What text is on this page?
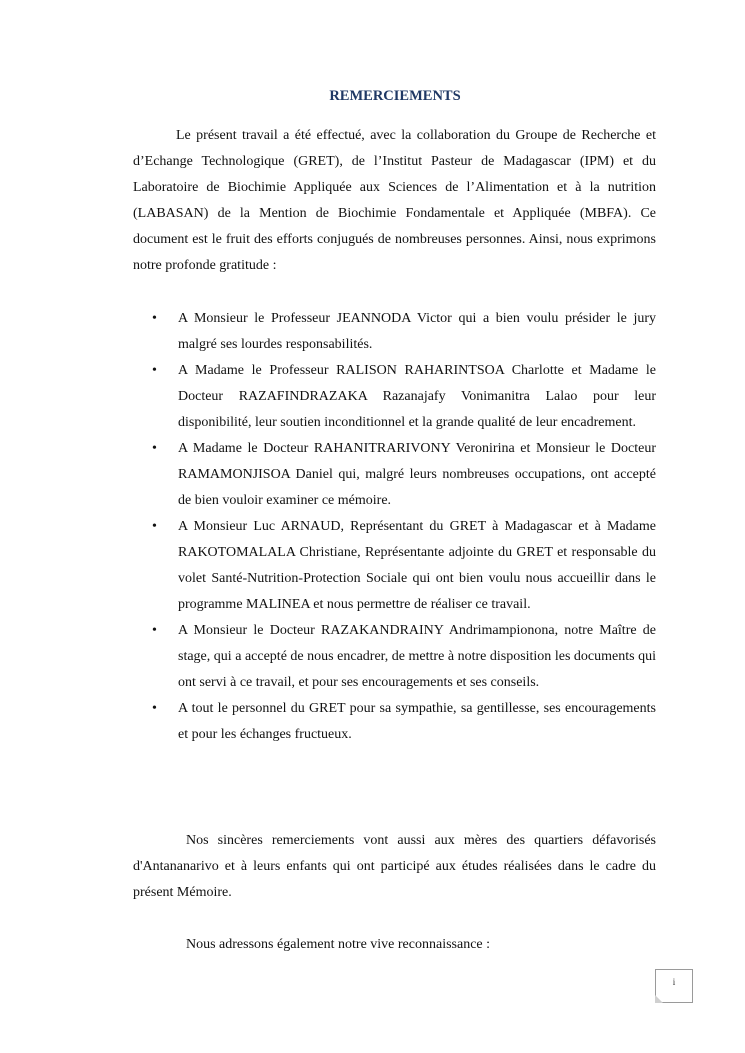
REMERCIEMENTS

Le présent travail a été effectué, avec la collaboration du Groupe de Recherche et d’Echange Technologique (GRET), de l’Institut Pasteur de Madagascar (IPM) et du Laboratoire de Biochimie Appliquée aux Sciences de l’Alimentation et à la nutrition (LABASAN) de la Mention de Biochimie Fondamentale et Appliquée (MBFA). Ce document est le fruit des efforts conjugués de nombreuses personnes. Ainsi, nous exprimons notre profonde gratitude :

• A Monsieur le Professeur JEANNODA Victor qui a bien voulu présider le jury malgré ses lourdes responsabilités.
• A Madame le Professeur RALISON RAHARINTSOA Charlotte et Madame le Docteur RAZAFINDRAZAKA Razanajafy Vonimanitra Lalao pour leur disponibilité, leur soutien inconditionnel et la grande qualité de leur encadrement.
• A Madame le Docteur RAHANITRARIVONY Veronirina et Monsieur le Docteur RAMAMONJISOA Daniel qui, malgré leurs nombreuses occupations, ont accepté de bien vouloir examiner ce mémoire.
• A Monsieur Luc ARNAUD, Représentant du GRET à Madagascar et à Madame RAKOTOMALALA Christiane, Représentante adjointe du GRET et responsable du volet Santé-Nutrition-Protection Sociale qui ont bien voulu nous accueillir dans le programme MALINEA et nous permettre de réaliser ce travail.
• A Monsieur le Docteur RAZAKANDRAINY Andrimampionona, notre Maître de stage, qui a accepté de nous encadrer, de mettre à notre disposition les documents qui ont servi à ce travail, et pour ses encouragements et ses conseils.
• A tout le personnel du GRET pour sa sympathie, sa gentillesse, ses encouragements et pour les échanges fructueux.

Nos sincères remerciements vont aussi aux mères des quartiers défavorisés d'Antananarivo et à leurs enfants qui ont participé aux études réalisées dans le cadre du présent Mémoire.

Nous adressons également notre vive reconnaissance :

i
